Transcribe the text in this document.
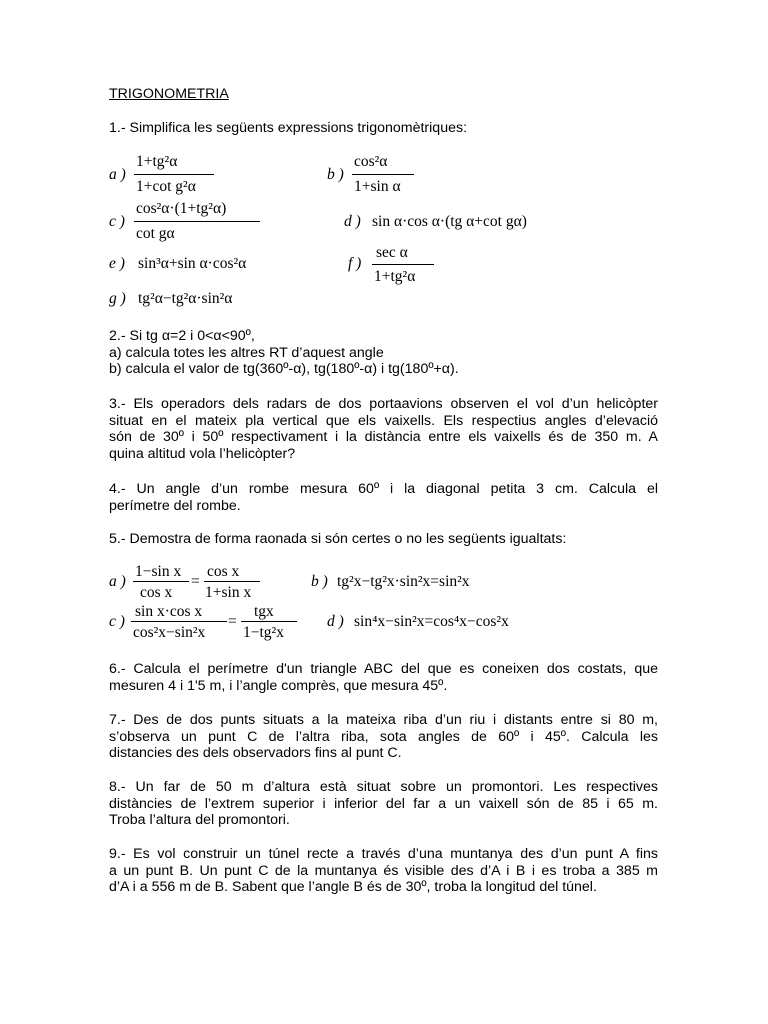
TRIGONOMETRIA
1.- Simplifica les següents expressions trigonomètriques:
a )
1+tg²α
1+cot g²α
b )
cos²α
1+sin α
c )
cos²α·(1+tg²α)
cot gα
d ) sin α·cos α·(tg α+cot gα)
e ) sin³α+sin α·cos²α	f )
sec α
1+tg²α
g ) tg²α−tg²α·sin²α
2.- Si tg α=2 i 0<α<90º,
a) calcula totes les altres RT d’aquest angle
b) calcula el valor de tg(360º-α), tg(180º-α) i tg(180º+α).
3.- Els operadors dels radars de dos portaavions observen el vol d’un helicòpter
situat en el mateix pla vertical que els vaixells. Els respectius angles d’elevació
són de 30º i 50º respectivament i la distància entre els vaixells és de 350 m. A
quina altitud vola l’helicòpter?
4.- Un angle d’un rombe mesura 60º i la diagonal petita 3 cm. Calcula el
perímetre del rombe.
5.- Demostra de forma raonada si són certes o no les següents igualtats:
a )
1−sin x
cos x
=
cos x
1+sin x
b ) tg²x−tg²x·sin²x=sin²x
c )
sin x·cos x
cos²x−sin²x
=
tgx
1−tg²x
d ) sin⁴x−sin²x=cos⁴x−cos²x
6.- Calcula el perímetre d'un triangle ABC del que es coneixen dos costats, que
mesuren 4 i 1'5 m, i l’angle comprès, que mesura 45º.
7.- Des de dos punts situats a la mateixa riba d’un riu i distants entre si 80 m,
s’observa un punt C de l’altra riba, sota angles de 60º i 45º. Calcula les
distancies des dels observadors fins al punt C.
8.- Un far de 50 m d’altura està situat sobre un promontori. Les respectives
distàncies de l’extrem superior i inferior del far a un vaixell són de 85 i 65 m.
Troba l’altura del promontori.
9.- Es vol construir un túnel recte a través d’una muntanya des d’un punt A fins
a un punt B. Un punt C de la muntanya és visible des d’A i B i es troba a 385 m
d’A i a 556 m de B. Sabent que l’angle B és de 30º, troba la longitud del túnel.
